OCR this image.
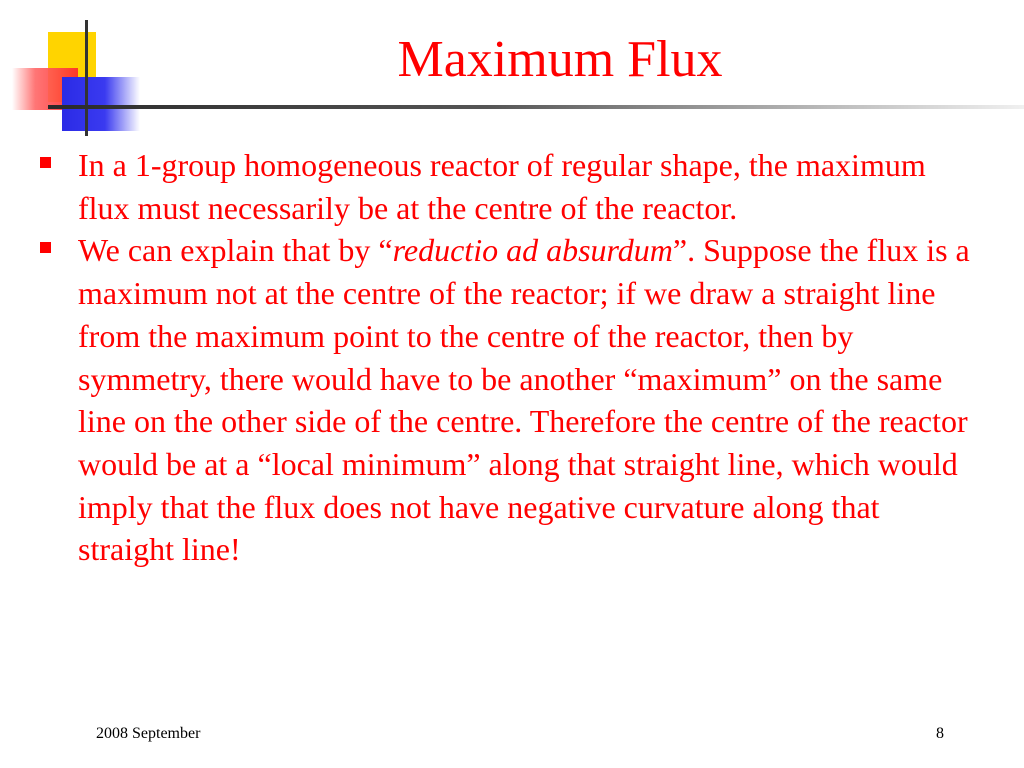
Maximum Flux
In a 1-group homogeneous reactor of regular shape, the maximum flux must necessarily be at the centre of the reactor.
We can explain that by “reductio ad absurdum”. Suppose the flux is a maximum not at the centre of the reactor; if we draw a straight line from the maximum point to the centre of the reactor, then by symmetry, there would have to be another “maximum” on the same line on the other side of the centre. Therefore the centre of the reactor would be at a “local minimum” along that straight line, which would imply that the flux does not have negative curvature along that straight line!
2008 September	8
